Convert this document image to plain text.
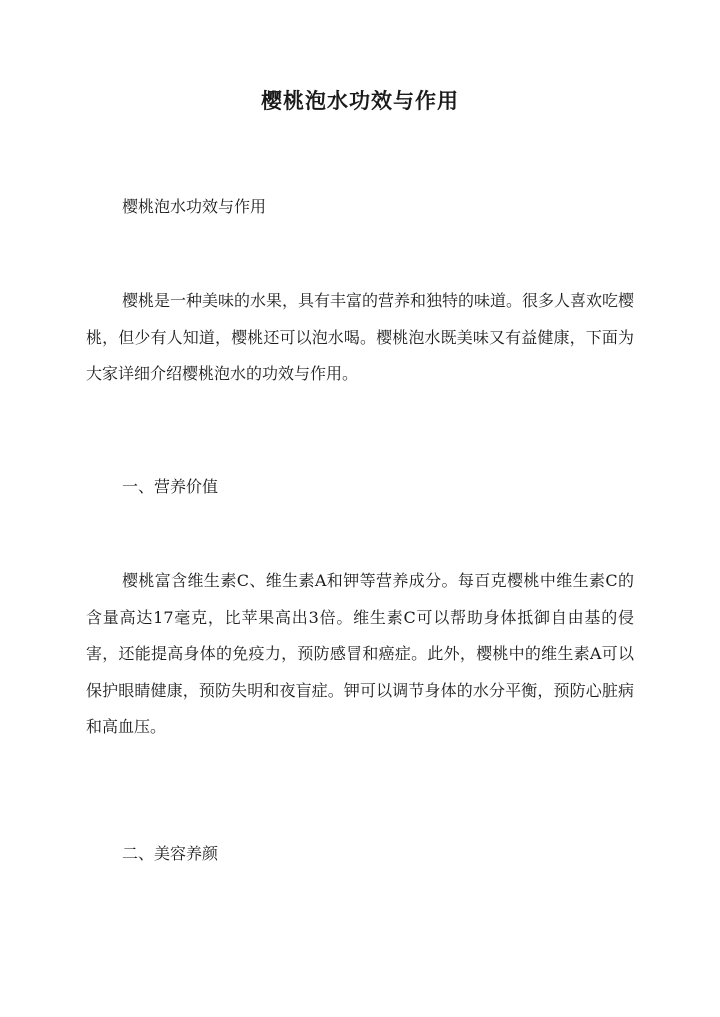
樱桃泡水功效与作用

樱桃泡水功效与作用

樱桃是一种美味的水果，具有丰富的营养和独特的味道。很多人喜欢吃樱桃，但少有人知道，樱桃还可以泡水喝。樱桃泡水既美味又有益健康，下面为大家详细介绍樱桃泡水的功效与作用。

一、营养价值

樱桃富含维生素C、维生素A和钾等营养成分。每百克樱桃中维生素C的含量高达17毫克，比苹果高出3倍。维生素C可以帮助身体抵御自由基的侵害，还能提高身体的免疫力，预防感冒和癌症。此外，樱桃中的维生素A可以保护眼睛健康，预防失明和夜盲症。钾可以调节身体的水分平衡，预防心脏病和高血压。

二、美容养颜
